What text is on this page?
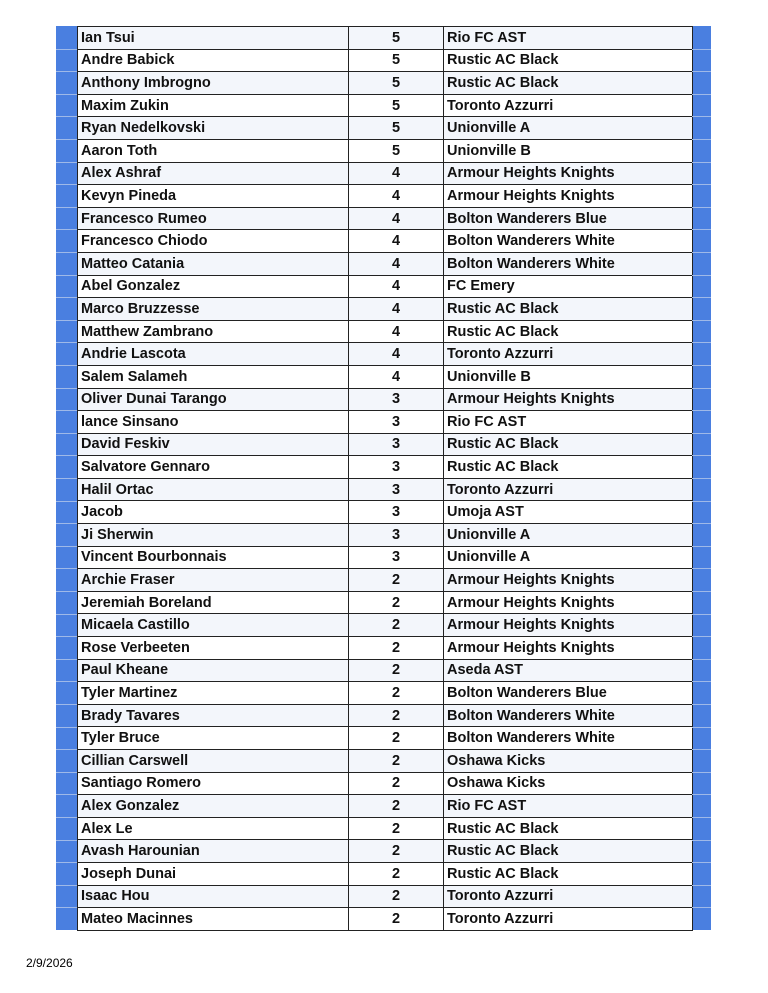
Ian Tsui	5	Rio FC AST
Andre Babick	5	Rustic AC Black
Anthony Imbrogno	5	Rustic AC Black
Maxim Zukin	5	Toronto Azzurri
Ryan Nedelkovski	5	Unionville A
Aaron Toth	5	Unionville B
Alex Ashraf	4	Armour Heights Knights
Kevyn Pineda	4	Armour Heights Knights
Francesco Rumeo	4	Bolton Wanderers Blue
Francesco Chiodo	4	Bolton Wanderers White
Matteo Catania	4	Bolton Wanderers White
Abel Gonzalez	4	FC Emery
Marco Bruzzesse	4	Rustic AC Black
Matthew Zambrano	4	Rustic AC Black
Andrie Lascota	4	Toronto Azzurri
Salem Salameh	4	Unionville B
Oliver Dunai Tarango	3	Armour Heights Knights
lance Sinsano	3	Rio FC AST
David Feskiv	3	Rustic AC Black
Salvatore Gennaro	3	Rustic AC Black
Halil Ortac	3	Toronto Azzurri
Jacob	3	Umoja AST
Ji Sherwin	3	Unionville A
Vincent Bourbonnais	3	Unionville A
Archie Fraser	2	Armour Heights Knights
Jeremiah Boreland	2	Armour Heights Knights
Micaela Castillo	2	Armour Heights Knights
Rose Verbeeten	2	Armour Heights Knights
Paul Kheane	2	Aseda AST
Tyler Martinez	2	Bolton Wanderers Blue
Brady Tavares	2	Bolton Wanderers White
Tyler Bruce	2	Bolton Wanderers White
Cillian Carswell	2	Oshawa Kicks
Santiago Romero	2	Oshawa Kicks
Alex Gonzalez	2	Rio FC AST
Alex Le	2	Rustic AC Black
Avash Harounian	2	Rustic AC Black
Joseph Dunai	2	Rustic AC Black
Isaac Hou	2	Toronto Azzurri
Mateo Macinnes	2	Toronto Azzurri
2/9/2026
